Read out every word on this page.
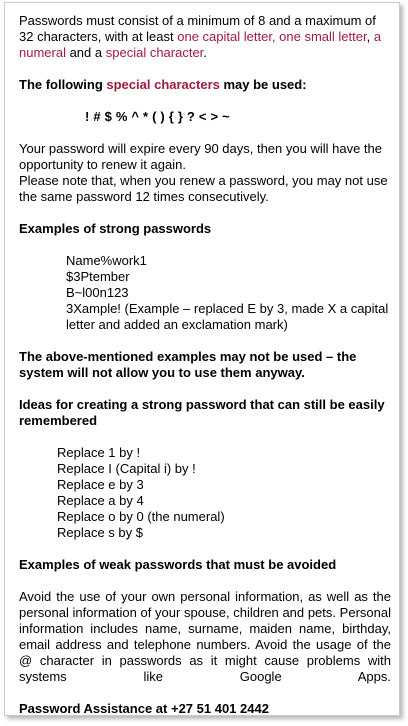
Passwords must consist of a minimum of 8 and a maximum of 32 characters, with at least one capital letter, one small letter, a numeral and a special character.

The following special characters may be used:

! # $ % ^ * ( ) { } ? < > ~

Your password will expire every 90 days, then you will have the opportunity to renew it again.

Please note that, when you renew a password, you may not use the same password 12 times consecutively.

Examples of strong passwords

Name%work1

$3Ptember

B~l00n123

3Xample! (Example – replaced E by 3, made X a capital letter and added an exclamation mark)

The above-mentioned examples may not be used – the system will not allow you to use them anyway.

Ideas for creating a strong password that can still be easily remembered

Replace 1 by !

Replace I (Capital i) by !

Replace e by 3

Replace a by 4

Replace o by 0 (the numeral)

Replace s by $

Examples of weak passwords that must be avoided

Avoid the use of your own personal information, as well as the personal information of your spouse, children and pets. Personal information includes name, surname, maiden name, birthday, email address and telephone numbers. Avoid the usage of the @ character in passwords as it might cause problems with systems like Google Apps.

Password Assistance at +27 51 401 2442
